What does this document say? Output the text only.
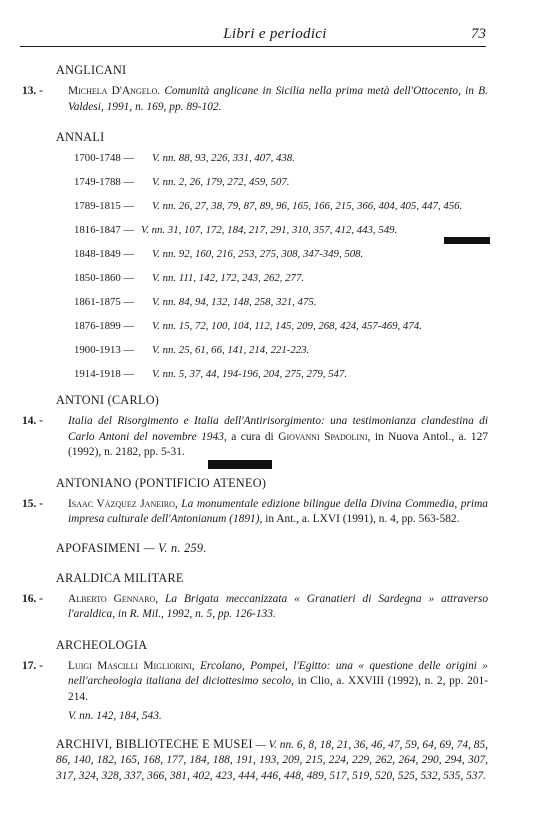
Libri e periodici	73
ANGLICANI
13. - Michela D'Angelo. Comunità anglicane in Sicilia nella prima metà dell'Ottocento, in B. Valdesi, 1991, n. 169, pp. 89-102.
ANNALI
1700-1748 — V. nn. 88, 93, 226, 331, 407, 438.
1749-1788 — V. nn. 2, 26, 179, 272, 459, 507.
1789-1815 — V. nn. 26, 27, 38, 79, 87, 89, 96, 165, 166, 215, 366, 404, 405, 447, 456.
1816-1847 — V. nn. 31, 107, 172, 184, 217, 291, 310, 357, 412, 443, 549.
1848-1849 — V. nn. 92, 160, 216, 253, 275, 308, 347-349, 508.
1850-1860 — V. nn. 111, 142, 172, 243, 262, 277.
1861-1875 — V. nn. 84, 94, 132, 148, 258, 321, 475.
1876-1899 — V. nn. 15, 72, 100, 104, 112, 145, 209, 268, 424, 457-469, 474.
1900-1913 — V. nn. 25, 61, 66, 141, 214, 221-223.
1914-1918 — V. nn. 5, 37, 44, 194-196, 204, 275, 279, 547.
ANTONI (CARLO)
14. - Italia del Risorgimento e Italia dell'Antirisorgimento: una testimonianza clandestina di Carlo Antoni del novembre 1943, a cura di Giovanni Spadolini, in Nuova Antol., a. 127 (1992), n. 2182, pp. 5-31.
ANTONIANO (PONTIFICIO ATENEO)
15. - Isaac Vázquez Janeiro, La monumentale edizione bilingue della Divina Commedia, prima impresa culturale dell'Antonianum (1891), in Ant., a. LXVI (1991), n. 4, pp. 563-582.
APOFASIMENI — V. n. 259.
ARALDICA MILITARE
16. - Alberto Gennaro, La Brigata meccanizzata « Granatieri di Sardegna » attraverso l'araldica, in R. Mil., 1992, n. 5, pp. 126-133.
ARCHEOLOGIA
17. - Luigi Mascilli Migliorini, Ercolano, Pompei, l'Egitto: una « questione delle origini » nell'archeologia italiana del diciottesimo secolo, in Clio, a. XXVIII (1992), n. 2, pp. 201-214.
V. nn. 142, 184, 543.
ARCHIVI, BIBLIOTECHE E MUSEI — V. nn. 6, 8, 18, 21, 36, 46, 47, 59, 64, 69, 74, 85, 86, 140, 182, 165, 168, 177, 184, 188, 191, 193, 209, 215, 224, 229, 262, 264, 290, 294, 307, 317, 324, 328, 337, 366, 381, 402, 423, 444, 446, 448, 489, 517, 519, 520, 525, 532, 535, 537.
